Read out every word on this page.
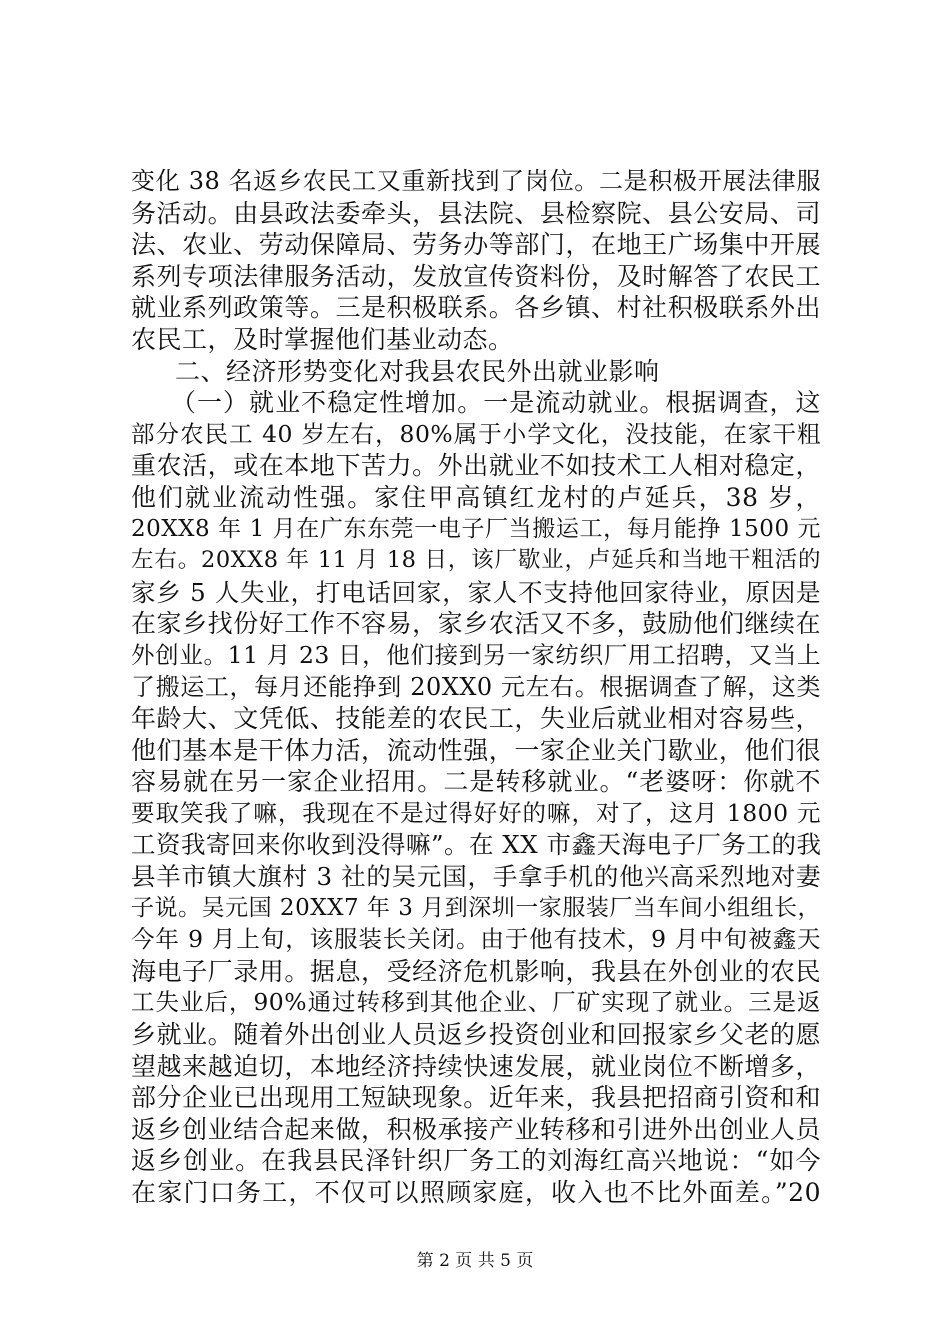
变化 38 名返乡农民工又重新找到了岗位。二是积极开展法律服
务活动。由县政法委牵头，县法院、县检察院、县公安局、司
法、农业、劳动保障局、劳务办等部门，在地王广场集中开展
系列专项法律服务活动，发放宣传资料份，及时解答了农民工
就业系列政策等。三是积极联系。各乡镇、村社积极联系外出
农民工，及时掌握他们基业动态。
二、经济形势变化对我县农民外出就业影响
（一）就业不稳定性增加。一是流动就业。根据调查，这
部分农民工 40 岁左右，80%属于小学文化，没技能，在家干粗
重农活，或在本地下苦力。外出就业不如技术工人相对稳定，
他们就业流动性强。家住甲高镇红龙村的卢延兵，38 岁，
20XX8 年 1 月在广东东莞一电子厂当搬运工，每月能挣 1500 元
左右。20XX8 年 11 月 18 日，该厂歇业，卢延兵和当地干粗活的
家乡 5 人失业，打电话回家，家人不支持他回家待业，原因是
在家乡找份好工作不容易，家乡农活又不多，鼓励他们继续在
外创业。11 月 23 日，他们接到另一家纺织厂用工招聘，又当上
了搬运工，每月还能挣到 20XX0 元左右。根据调查了解，这类
年龄大、文凭低、技能差的农民工，失业后就业相对容易些，
他们基本是干体力活，流动性强，一家企业关门歇业，他们很
容易就在另一家企业招用。二是转移就业。“老婆呀：你就不
要取笑我了嘛，我现在不是过得好好的嘛，对了，这月 1800 元
工资我寄回来你收到没得嘛”。在 XX 市鑫天海电子厂务工的我
县羊市镇大旗村 3 社的吴元国，手拿手机的他兴高采烈地对妻
子说。吴元国 20XX7 年 3 月到深圳一家服装厂当车间小组组长，
今年 9 月上旬，该服装长关闭。由于他有技术，9 月中旬被鑫天
海电子厂录用。据息，受经济危机影响，我县在外创业的农民
工失业后，90%通过转移到其他企业、厂矿实现了就业。三是返
乡就业。随着外出创业人员返乡投资创业和回报家乡父老的愿
望越来越迫切，本地经济持续快速发展，就业岗位不断增多，
部分企业已出现用工短缺现象。近年来，我县把招商引资和和
返乡创业结合起来做，积极承接产业转移和引进外出创业人员
返乡创业。在我县民泽针织厂务工的刘海红高兴地说：“如今
在家门口务工，不仅可以照顾家庭，收入也不比外面差。”20
第 2 页 共 5 页
